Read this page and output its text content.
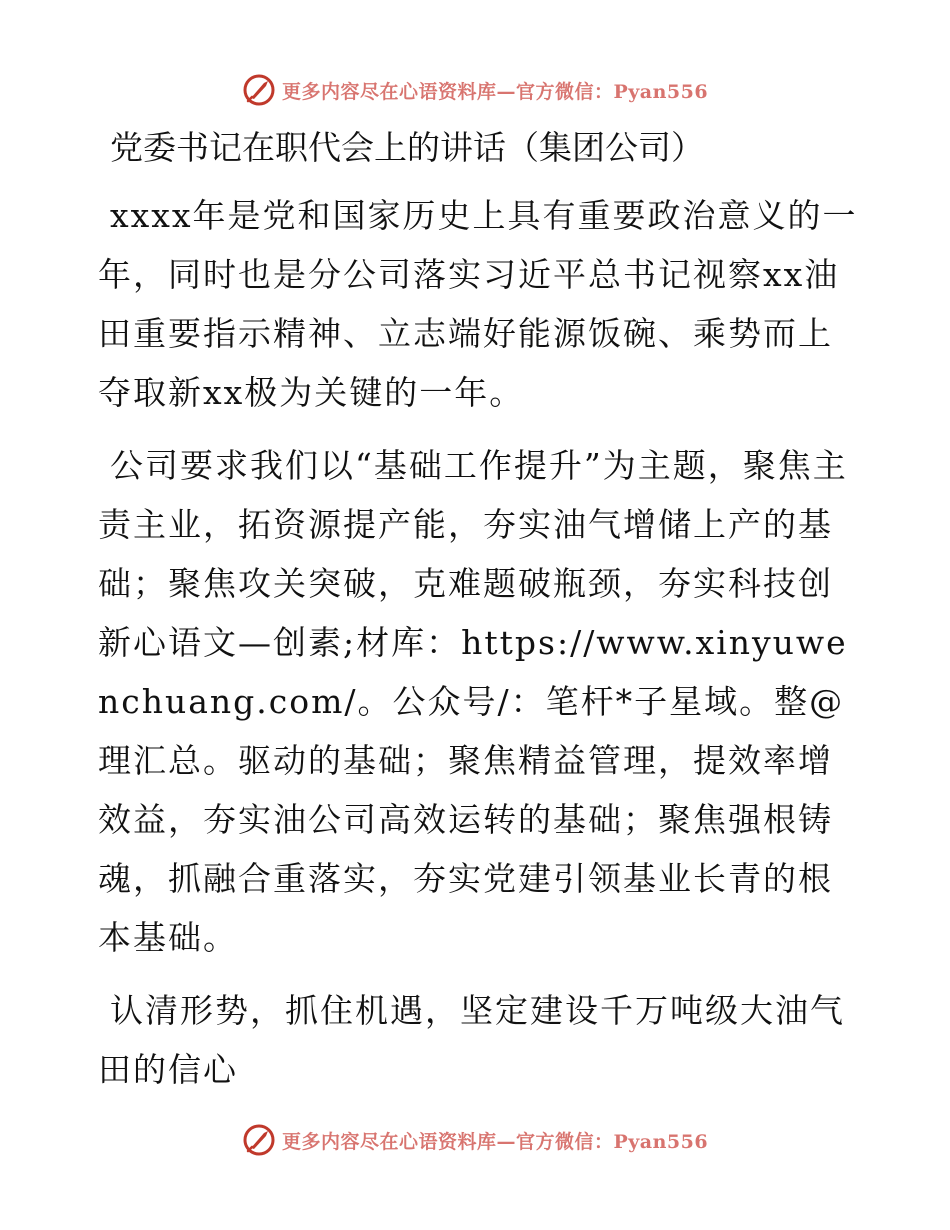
更多内容尽在心语资料库—官方微信：Pyan556
党委书记在职代会上的讲话（集团公司）

xxxx年是党和国家历史上具有重要政治意义的一年，同时也是分公司落实习近平总书记视察xx油田重要指示精神、立志端好能源饭碗、乘势而上夺取新xx极为关键的一年。

公司要求我们以“基础工作提升”为主题，聚焦主责主业，拓资源提产能，夯实油气增储上产的基础；聚焦攻关突破，克难题破瓶颈，夯实科技创新心语文—创素;材库：https://www.xinyuwenchuang.com/。公众号/：笔杆*子星域。整@理汇总。驱动的基础；聚焦精益管理，提效率增效益，夯实油公司高效运转的基础；聚焦强根铸魂，抓融合重落实，夯实党建引领基业长青的根本基础。

认清形势，抓住机遇，坚定建设千万吨级大油气田的信心

更多内容尽在心语资料库—官方微信：Pyan556
